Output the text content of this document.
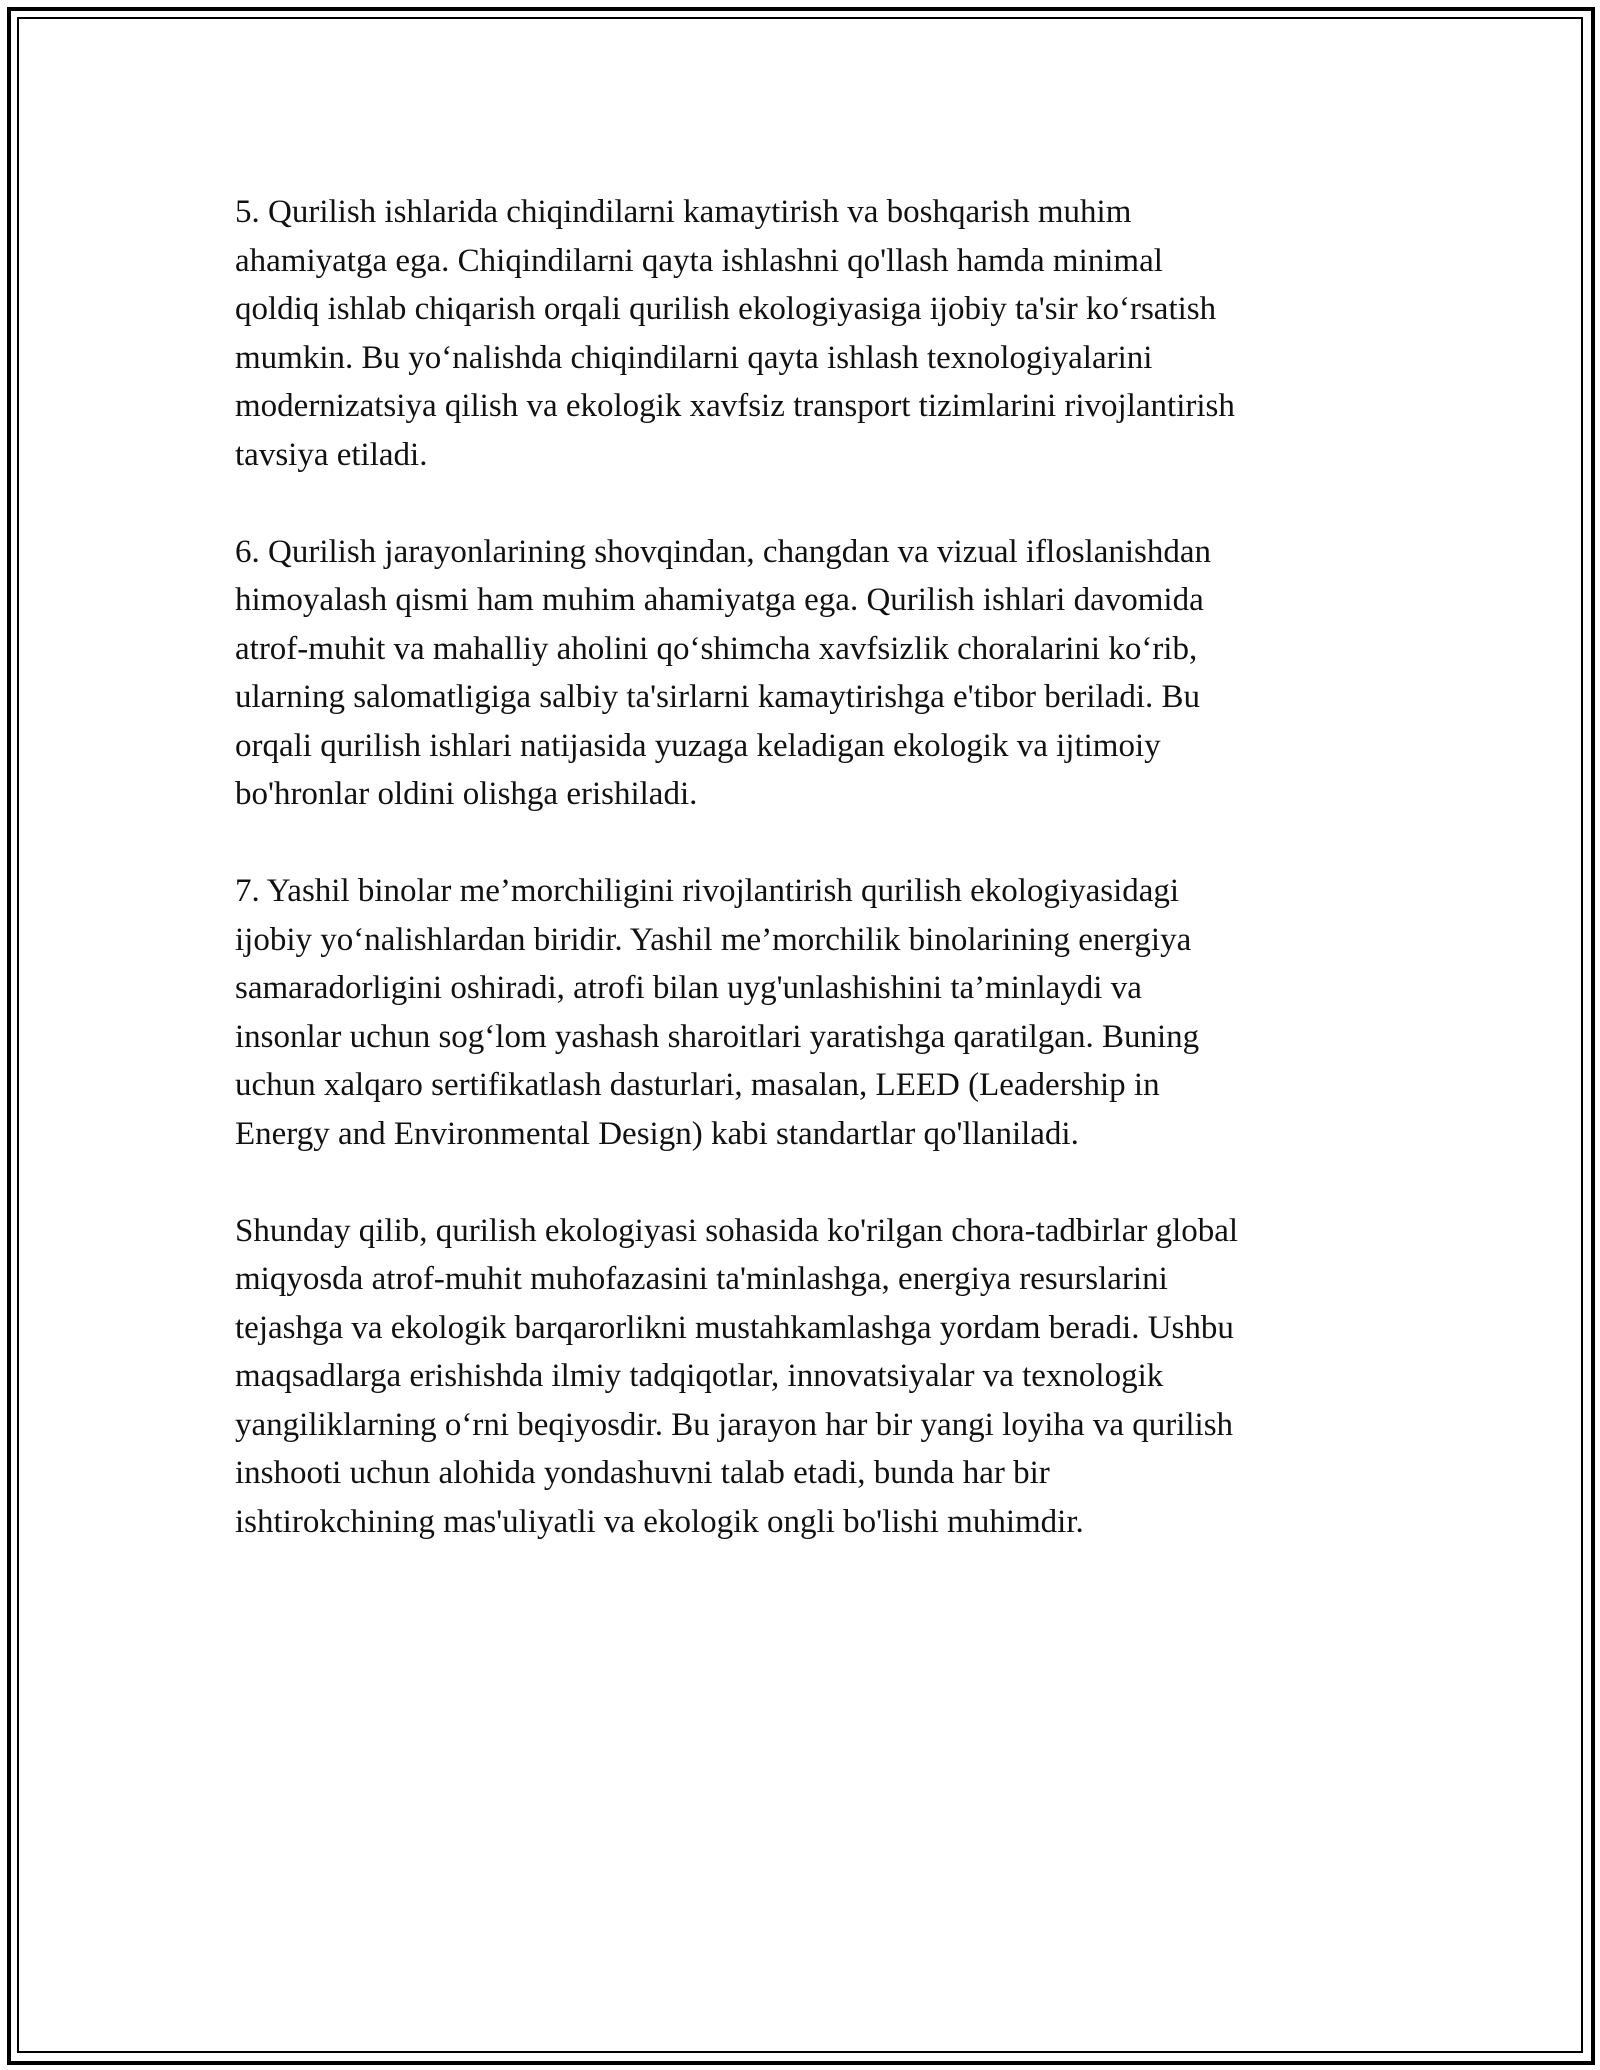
5. Qurilish ishlarida chiqindilarni kamaytirish va boshqarish muhim
ahamiyatga ega. Chiqindilarni qayta ishlashni qo'llash hamda minimal
qoldiq ishlab chiqarish orqali qurilish ekologiyasiga ijobiy ta'sir ko‘rsatish
mumkin. Bu yo‘nalishda chiqindilarni qayta ishlash texnologiyalarini
modernizatsiya qilish va ekologik xavfsiz transport tizimlarini rivojlantirish
tavsiya etiladi.
6. Qurilish jarayonlarining shovqindan, changdan va vizual ifloslanishdan
himoyalash qismi ham muhim ahamiyatga ega. Qurilish ishlari davomida
atrof-muhit va mahalliy aholini qo‘shimcha xavfsizlik choralarini ko‘rib,
ularning salomatligiga salbiy ta'sirlarni kamaytirishga e'tibor beriladi. Bu
orqali qurilish ishlari natijasida yuzaga keladigan ekologik va ijtimoiy
bo'hronlar oldini olishga erishiladi.
7. Yashil binolar me’morchiligini rivojlantirish qurilish ekologiyasidagi
ijobiy yo‘nalishlardan biridir. Yashil me’morchilik binolarining energiya
samaradorligini oshiradi, atrofi bilan uyg'unlashishini ta’minlaydi va
insonlar uchun sog‘lom yashash sharoitlari yaratishga qaratilgan. Buning
uchun xalqaro sertifikatlash dasturlari, masalan, LEED (Leadership in
Energy and Environmental Design) kabi standartlar qo'llaniladi.
Shunday qilib, qurilish ekologiyasi sohasida ko'rilgan chora-tadbirlar global
miqyosda atrof-muhit muhofazasini ta'minlashga, energiya resurslarini
tejashga va ekologik barqarorlikni mustahkamlashga yordam beradi. Ushbu
maqsadlarga erishishda ilmiy tadqiqotlar, innovatsiyalar va texnologik
yangiliklarning o‘rni beqiyosdir. Bu jarayon har bir yangi loyiha va qurilish
inshooti uchun alohida yondashuvni talab etadi, bunda har bir
ishtirokchining mas'uliyatli va ekologik ongli bo'lishi muhimdir.
